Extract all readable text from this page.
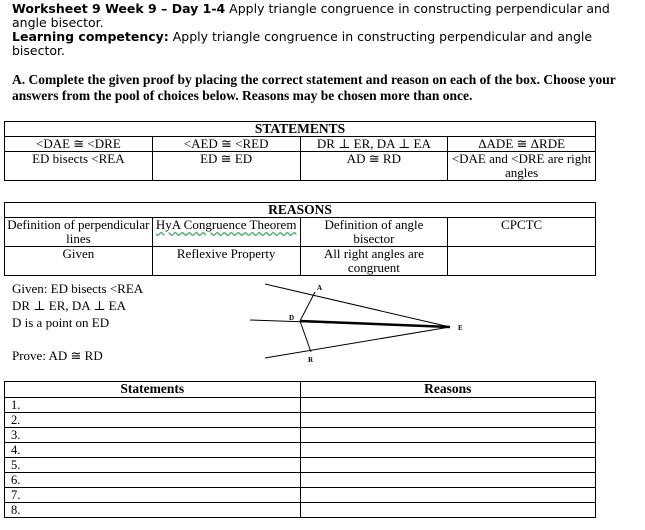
Worksheet 9 Week 9 – Day 1-4 Apply triangle congruence in constructing perpendicular and angle bisector.
Learning competency: Apply triangle congruence in constructing perpendicular and angle bisector.
A. Complete the given proof by placing the correct statement and reason on each of the box. Choose your answers from the pool of choices below. Reasons may be chosen more than once.
STATEMENTS			
<DAE ≅ <DRE	<AED ≅ <RED	DR ⊥ ER, DA ⊥ EA	ΔADE ≅ ΔRDE
ED bisects <REA	ED ≅ ED	AD ≅ RD	<DAE and <DRE are right angles
REASONS			
Definition of perpendicular lines	HyA Congruence Theorem	Definition of angle bisector	CPCTC
Given	Reflexive Property	All right angles are congruent	
Given: ED bisects <REA
DR ⊥ ER, DA ⊥ EA
D is a point on ED
Prove: AD ≅ RD
A
D
E
R
Statements	Reasons
1.	
2.	
3.	
4.	
5.	
6.	
7.	
8.	
